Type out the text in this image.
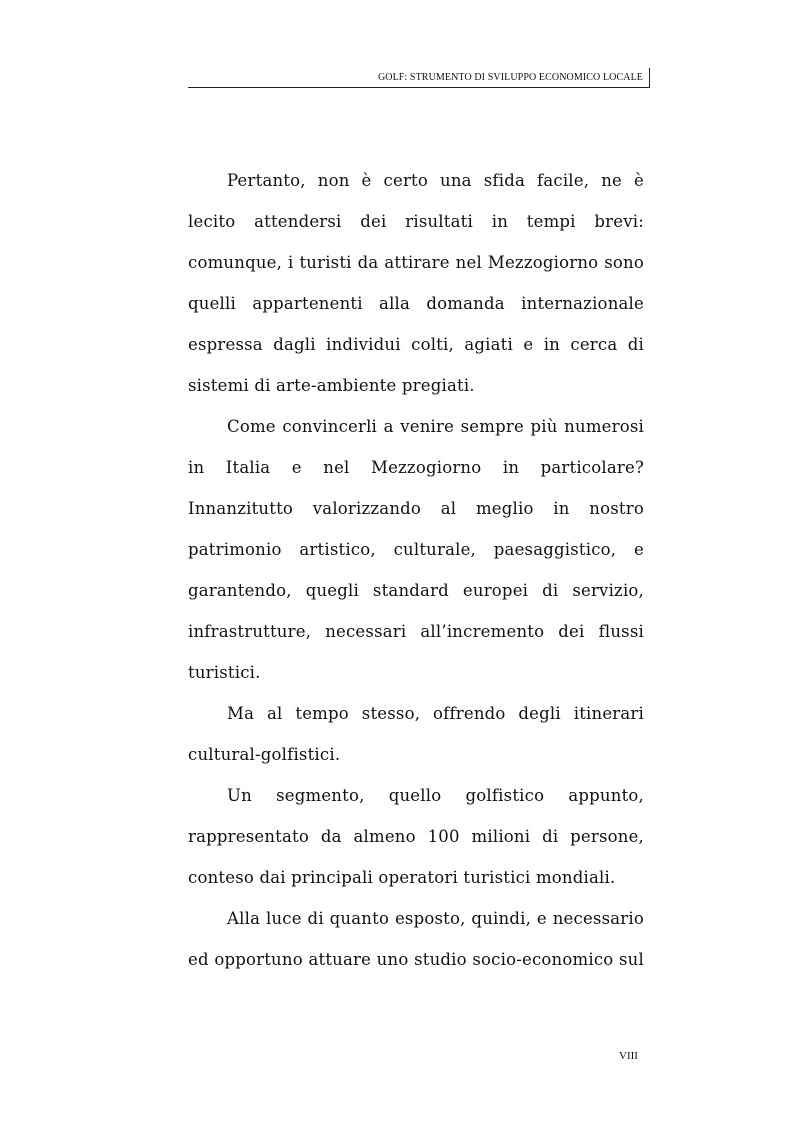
GOLF: STRUMENTO DI SVILUPPO ECONOMICO LOCALE

Pertanto, non è certo una sfida facile, ne è lecito attendersi dei risultati in tempi brevi: comunque, i turisti da attirare nel Mezzogiorno sono quelli appartenenti alla domanda internazionale espressa dagli individui colti, agiati e in cerca di sistemi di arte-ambiente pregiati.

Come convincerli a venire sempre più numerosi in Italia e nel Mezzogiorno in particolare? Innanzitutto valorizzando al meglio in nostro patrimonio artistico, culturale, paesaggistico, e garantendo, quegli standard europei di servizio, infrastrutture, necessari all’incremento dei flussi turistici.

Ma al tempo stesso, offrendo degli itinerari cultural-golfistici.

Un segmento, quello golfistico appunto, rappresentato da almeno 100 milioni di persone, conteso dai principali operatori turistici mondiali.

Alla luce di quanto esposto, quindi, e necessario ed opportuno attuare uno studio socio-economico sul

VIII
